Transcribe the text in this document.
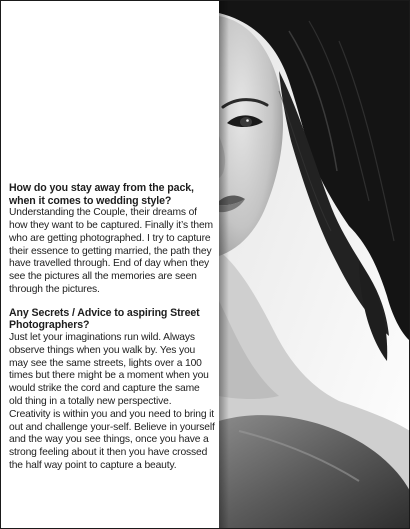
How do you stay away from the pack, when it comes to wedding style?

Understanding the Couple, their dreams of how they want to be captured. Finally it’s them who are getting photographed. I try to capture their essence to getting married, the path they have travelled through. End of day when they see the pictures all the memories are seen through the pictures.

Any Secrets / Advice to aspiring Street Photographers?

Just let your imaginations run wild. Always observe things when you walk by. Yes you may see the same streets, lights over a 100 times but there might be a moment when you would strike the cord and capture the same old thing in a totally new perspective. Creativity is within you and you need to bring it out and challenge your-self. Believe in yourself and the way you see things, once you have a strong feeling about it then you have crossed the half way point to capture a beauty.
